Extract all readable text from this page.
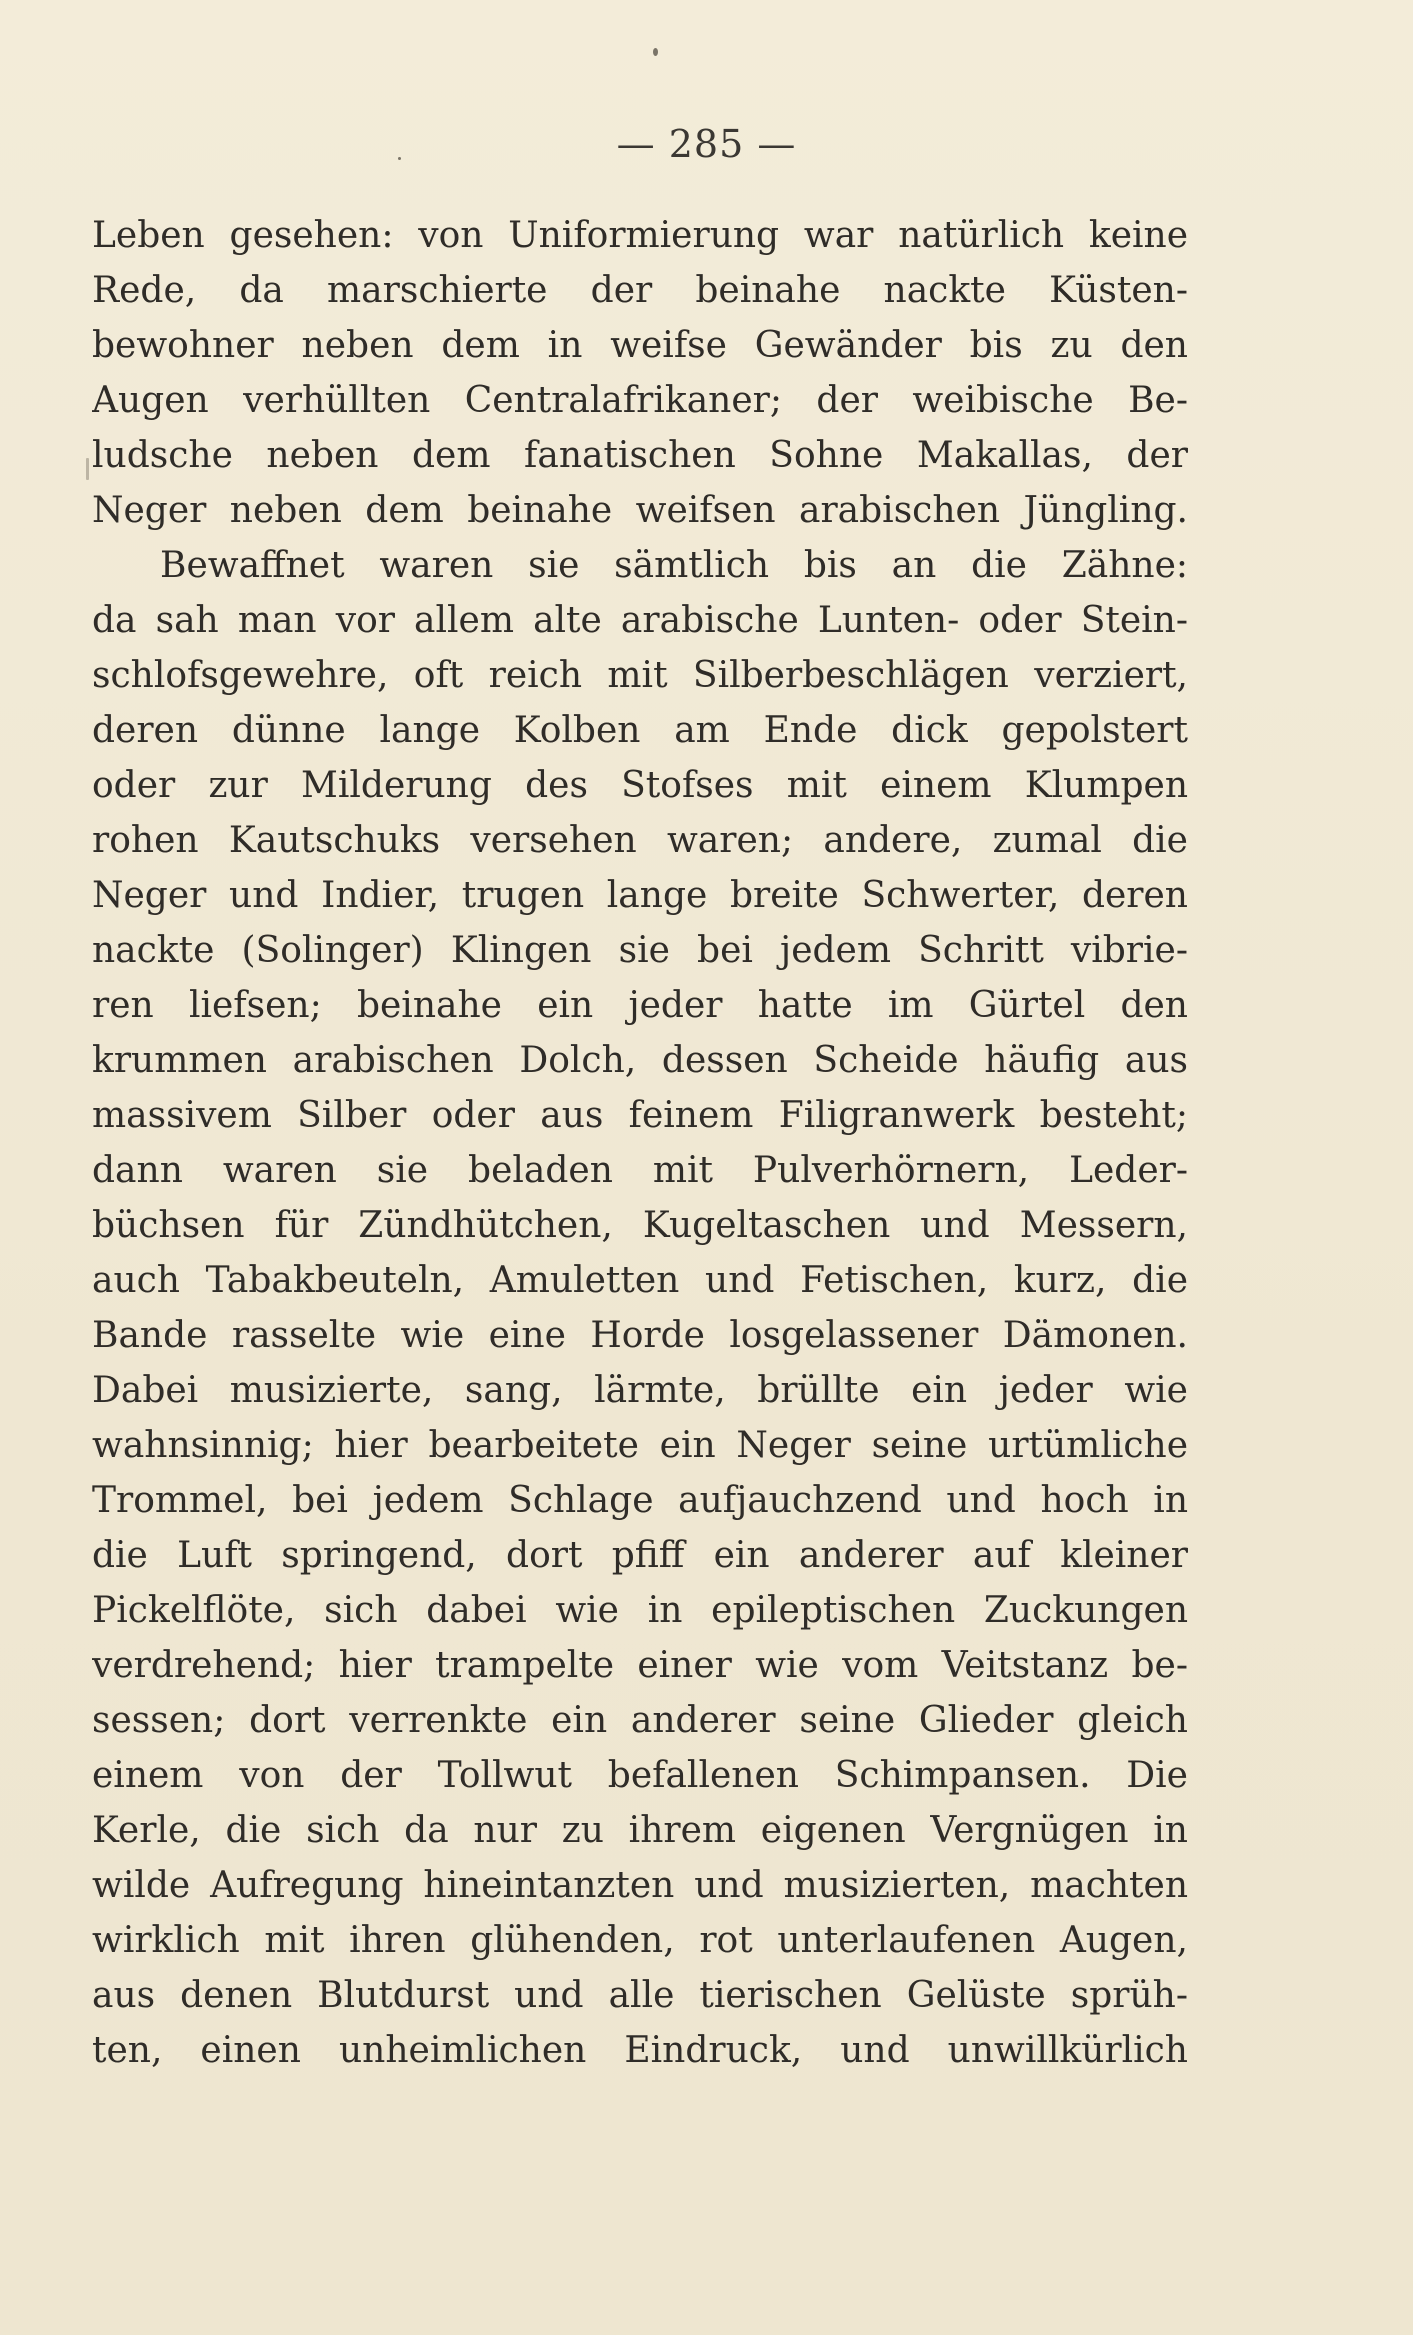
— 285 —
Leben gesehen: von Uniformierung war natürlich keine
Rede, da marschierte der beinahe nackte Küsten-
bewohner neben dem in weifse Gewänder bis zu den
Augen verhüllten Centralafrikaner; der weibische Be-
ludsche neben dem fanatischen Sohne Makallas, der
Neger neben dem beinahe weifsen arabischen Jüngling.
Bewaffnet waren sie sämtlich bis an die Zähne:
da sah man vor allem alte arabische Lunten- oder Stein-
schlofsgewehre, oft reich mit Silberbeschlägen verziert,
deren dünne lange Kolben am Ende dick gepolstert
oder zur Milderung des Stofses mit einem Klumpen
rohen Kautschuks versehen waren; andere, zumal die
Neger und Indier, trugen lange breite Schwerter, deren
nackte (Solinger) Klingen sie bei jedem Schritt vibrie-
ren liefsen; beinahe ein jeder hatte im Gürtel den
krummen arabischen Dolch, dessen Scheide häufig aus
massivem Silber oder aus feinem Filigranwerk besteht;
dann waren sie beladen mit Pulverhörnern, Leder-
büchsen für Zündhütchen, Kugeltaschen und Messern,
auch Tabakbeuteln, Amuletten und Fetischen, kurz, die
Bande rasselte wie eine Horde losgelassener Dämonen.
Dabei musizierte, sang, lärmte, brüllte ein jeder wie
wahnsinnig; hier bearbeitete ein Neger seine urtümliche
Trommel, bei jedem Schlage aufjauchzend und hoch in
die Luft springend, dort pfiff ein anderer auf kleiner
Pickelflöte, sich dabei wie in epileptischen Zuckungen
verdrehend; hier trampelte einer wie vom Veitstanz be-
sessen; dort verrenkte ein anderer seine Glieder gleich
einem von der Tollwut befallenen Schimpansen. Die
Kerle, die sich da nur zu ihrem eigenen Vergnügen in
wilde Aufregung hineintanzten und musizierten, machten
wirklich mit ihren glühenden, rot unterlaufenen Augen,
aus denen Blutdurst und alle tierischen Gelüste sprüh-
ten, einen unheimlichen Eindruck, und unwillkürlich
